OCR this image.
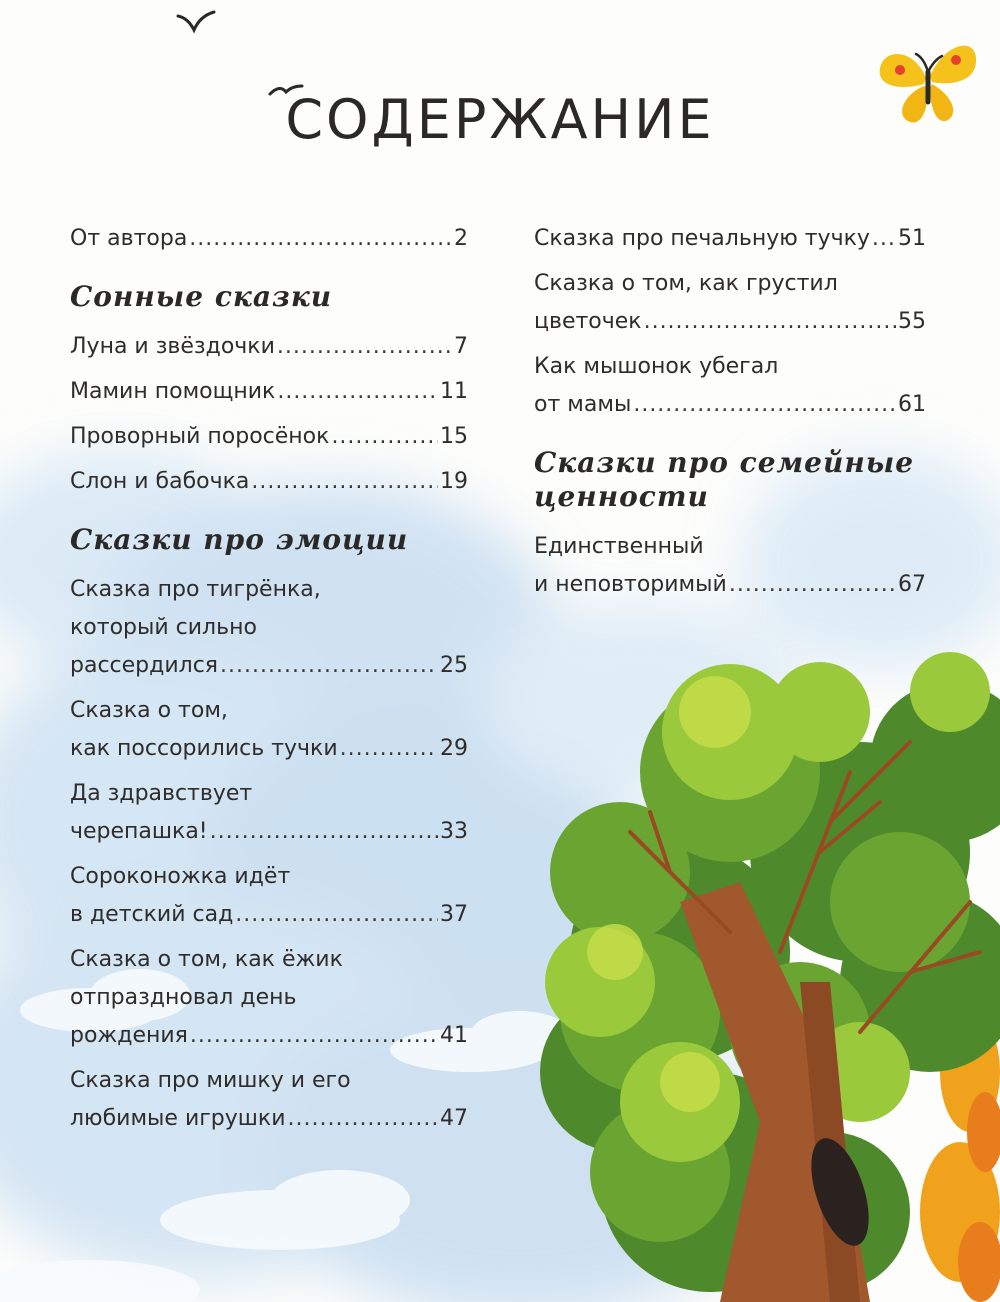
СОДЕРЖАНИЕ
От автора .....	2
Сонные сказки
Луна и звёздочки .....	7
Мамин помощник .....	11
Проворный поросёнок .....	15
Слон и бабочка .....	19
Сказки про эмоции
Сказка про тигрёнка,
который сильно
рассердился .....	25
Сказка о том,
как поссорились тучки .....	29
Да здравствует
черепашка! .....	33
Сороконожка идёт
в детский сад .....	37
Сказка о том, как ёжик
отпраздновал день
рождения .....	41
Сказка про мишку и его
любимые игрушки .....	47
Сказка про печальную тучку ..... 51
Сказка о том, как грустил
цветочек .....	55
Как мышонок убегал
от мамы .....	61
Сказки про семейные
ценности
Единственный
и неповторимый .....	67
